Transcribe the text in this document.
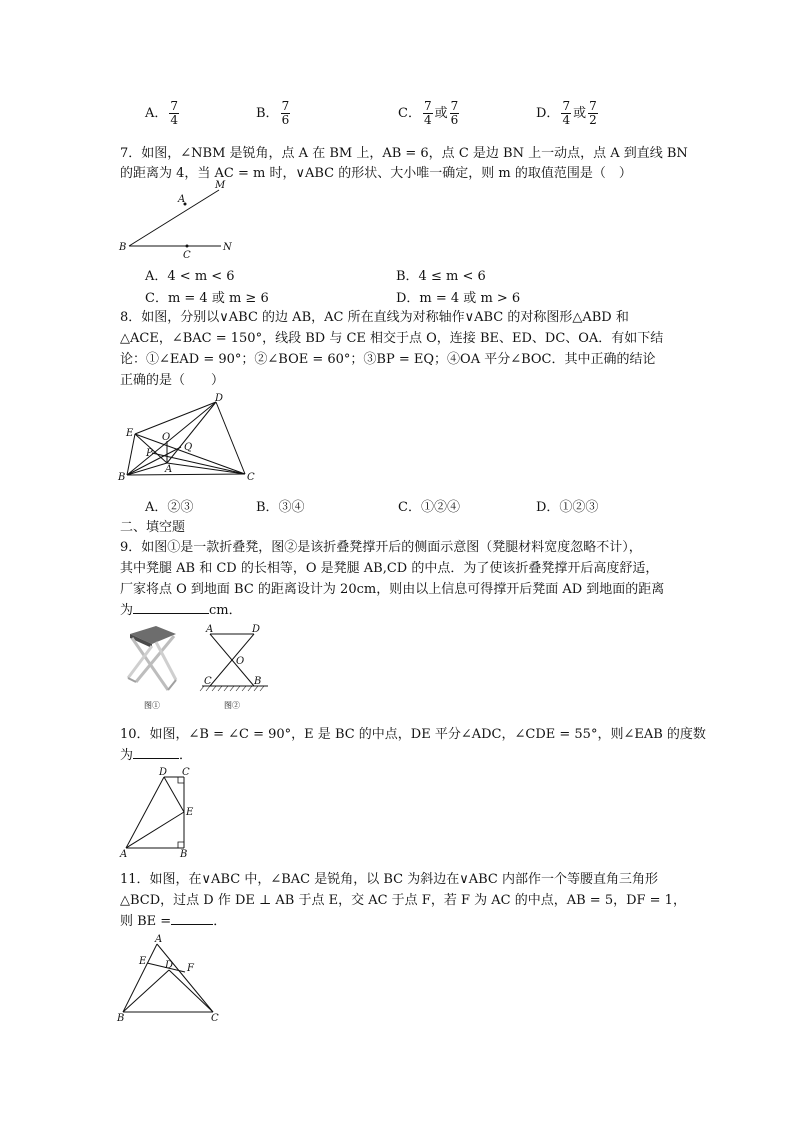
A． $\frac{7}{4}$	B． $\frac{7}{6}$	C． $\frac{7}{4}$ 或 $\frac{7}{6}$	D． $\frac{7}{4}$ 或 $\frac{7}{2}$
7．如图，∠NBM 是锐角，点 A 在 BM 上，AB = 6，点 C 是边 BN 上一动点，点 A 到直线 BN
的距离为 4，当 AC = m 时，∨ABC 的形状、大小唯一确定，则 m 的取值范围是（　）
M
A
B
C
N
A．4 < m < 6	B．4 ≤ m < 6
C．m = 4 或 m ≥ 6	D．m = 4 或 m > 6
8．如图，分别以∨ABC 的边 AB，AC 所在直线为对称轴作∨ABC 的对称图形△ABD 和
△ACE，∠BAC = 150°，线段 BD 与 CE 相交于点 O，连接 BE、ED、DC、OA．有如下结
论：①∠EAD = 90°；②∠BOE = 60°；③BP = EQ；④OA 平分∠BOC．其中正确的结论
正确的是（　　）
D
E	O
Q
P
B
A
C
A．②③	B．③④	C．①②④	D．①②③
二、填空题
9．如图①是一款折叠凳，图②是该折叠凳撑开后的侧面示意图（凳腿材料宽度忽略不计），
其中凳腿 AB 和 CD 的长相等，O 是凳腿 AB,CD 的中点．为了使该折叠凳撑开后高度舒适，
厂家将点 O 到地面 BC 的距离设计为 20cm，则由以上信息可得撑开后凳面 AD 到地面的距离
为	cm．
图①
A	D
O
C	B
图②
10．如图，∠B = ∠C = 90°，E 是 BC 的中点，DE 平分∠ADC，∠CDE = 55°，则∠EAB 的度数
为	．
D C
E
A	B
11．如图，在∨ABC 中，∠BAC 是锐角，以 BC 为斜边在∨ABC 内部作一个等腰直角三角形
△BCD，过点 D 作 DE ⊥ AB 于点 E，交 AC 于点 F，若 F 为 AC 的中点，AB = 5，DF = 1，
则 BE =	．
A
E D F
B	C
